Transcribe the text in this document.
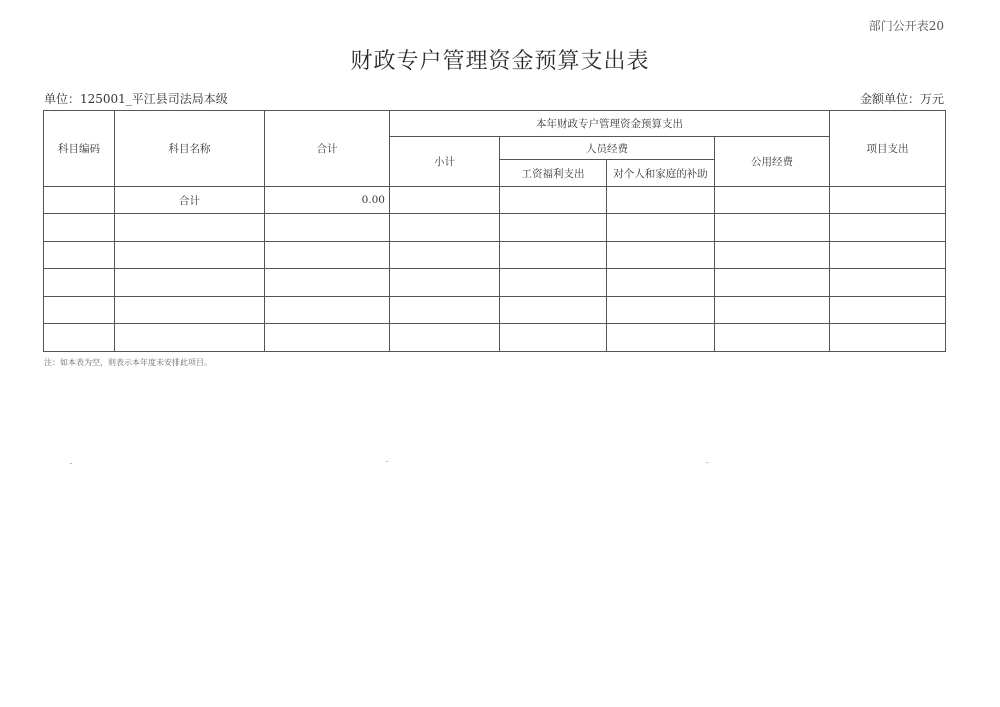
部门公开表20
财政专户管理资金预算支出表
单位：125001_平江县司法局本级	金额单位：万元
科目编码	科目名称	合计	本年财政专户管理资金预算支出				项目支出
			小计	人员经费		公用经费	
				工资福利支出	对个人和家庭的补助		
	合计	0.00					

注：如本表为空，则表示本年度未安排此项目。
